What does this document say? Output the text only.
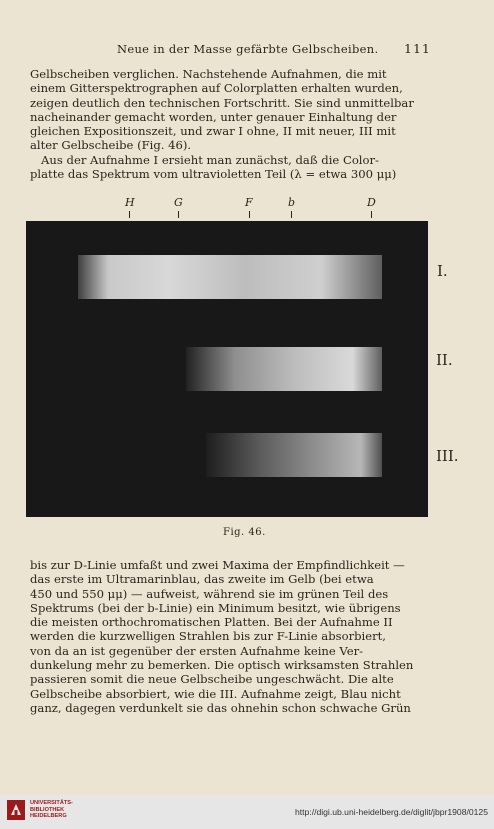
Neue in der Masse gefärbte Gelbscheiben. 111
Gelbscheiben verglichen. Nachstehende Aufnahmen, die mit
einem Gitterspektrographen auf Colorplatten erhalten wurden,
zeigen deutlich den technischen Fortschritt. Sie sind unmittelbar
nacheinander gemacht worden, unter genauer Einhaltung der
gleichen Expositionszeit, und zwar I ohne, II mit neuer, III mit
alter Gelbscheibe (Fig. 46).
Aus der Aufnahme I ersieht man zunächst, daß die Color-
platte das Spektrum vom ultravioletten Teil (λ = etwa 300 μμ)
H	G	F	b	D
I.
II.
III.
Fig. 46.
bis zur D-Linie umfaßt und zwei Maxima der Empfindlichkeit —
das erste im Ultramarinblau, das zweite im Gelb (bei etwa
450 und 550 μμ) — aufweist, während sie im grünen Teil des
Spektrums (bei der b-Linie) ein Minimum besitzt, wie übrigens
die meisten orthochromatischen Platten. Bei der Aufnahme II
werden die kurzwelligen Strahlen bis zur F-Linie absorbiert,
von da an ist gegenüber der ersten Aufnahme keine Ver-
dunkelung mehr zu bemerken. Die optisch wirksamsten Strahlen
passieren somit die neue Gelbscheibe ungeschwächt. Die alte
Gelbscheibe absorbiert, wie die III. Aufnahme zeigt, Blau nicht
ganz, dagegen verdunkelt sie das ohnehin schon schwache Grün
UNIVERSITÄTS-
BIBLIOTHEK
HEIDELBERG	http://digi.ub.uni-heidelberg.de/diglit/jbpr1908/0125
